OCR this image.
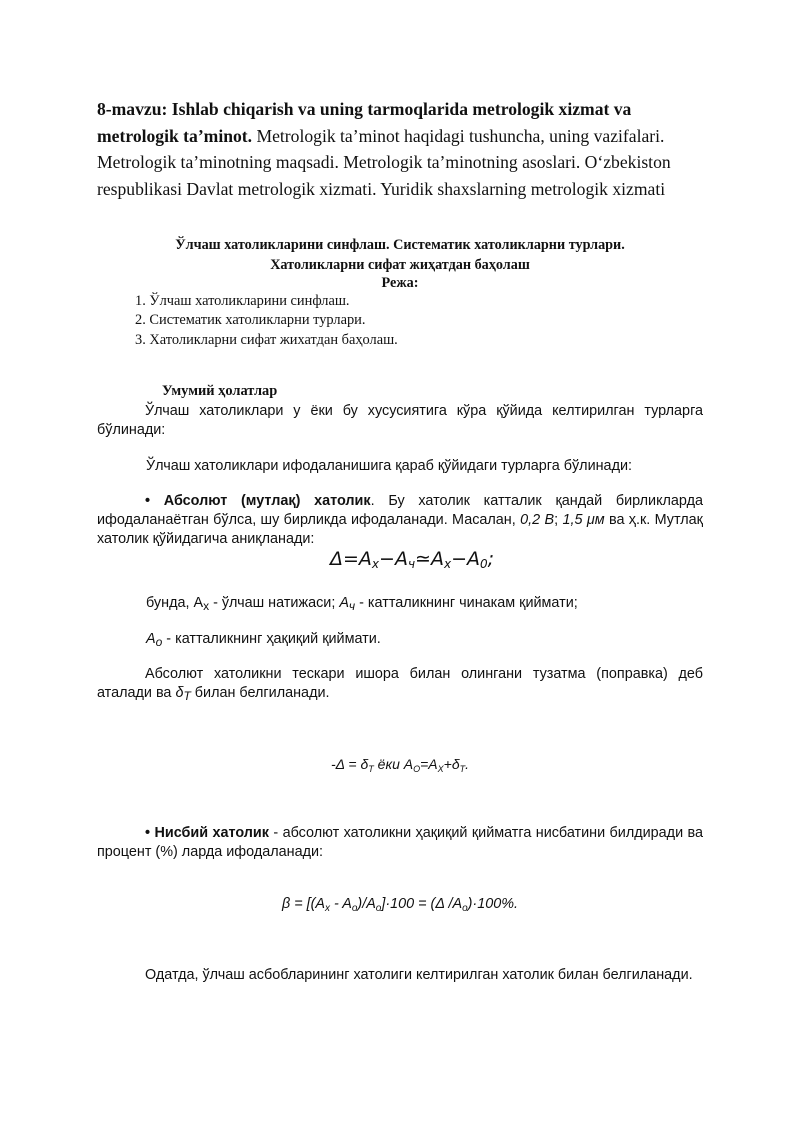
8-mavzu: Ishlab chiqarish va uning tarmoqlarida metrologik xizmat va metrologik ta’minot. Metrologik ta’minot haqidagi tushuncha, uning vazifalari. Metrologik ta’minotning maqsadi. Metrologik ta’minotning asoslari. O‘zbekiston respublikasi Davlat metrologik xizmati. Yuridik shaxslarning metrologik xizmati
Ўлчаш хатоликларини синфлаш. Систематик хатоликларни турлари.
Хатоликларни сифат жиҳатдан баҳолаш
Режа:
1. Ўлчаш хатоликларини синфлаш.
2. Систематик хатоликларни турлари.
3. Хатоликларни сифат жихатдан баҳолаш.
Умумий ҳолатлар
Ўлчаш хатоликлари у ёки бу хусусиятига кўра қўйида келтирилган турларга бўлинади:
Ўлчаш хатоликлари ифодаланишига қараб қўйидаги турларга бўлинади:
• Абсолют (мутлақ) хатолик. Бу хатолик катталик қандай бирликларда ифодаланаётган бўлса, шу бирликда ифодаланади. Масалан, 0,2 В; 1,5 μм ва ҳ.к. Мутлақ хатолик қўйидагича аниқланади:
$\Delta=A_x-A_ч≃A_x-A_0$;
бунда, $A_x$ - ўлчаш натижаси; $A_ч$ - катталикнинг чинакам қиймати;
$A_o$ - катталикнинг ҳақиқий қиймати.
Абсолют хатоликни тескари ишора билан олингани тузатма (поправка) деб аталади ва $\delta_T$ билан белгиланади.
$-\Delta = \delta_T$ ёки $A_O=A_X+\delta_T$.
• Нисбий хатолик - абсолют хатоликни ҳақиқий қийматга нисбатини билдиради ва процент (%) ларда ифодаланади:
$\beta = [(A_x - A_o)/A_o]\cdot 100 = (\Delta$ $/A_o)\cdot 100\%$.
Одатда, ўлчаш асбобларининг хатолиги келтирилган хатолик билан белгиланади.
